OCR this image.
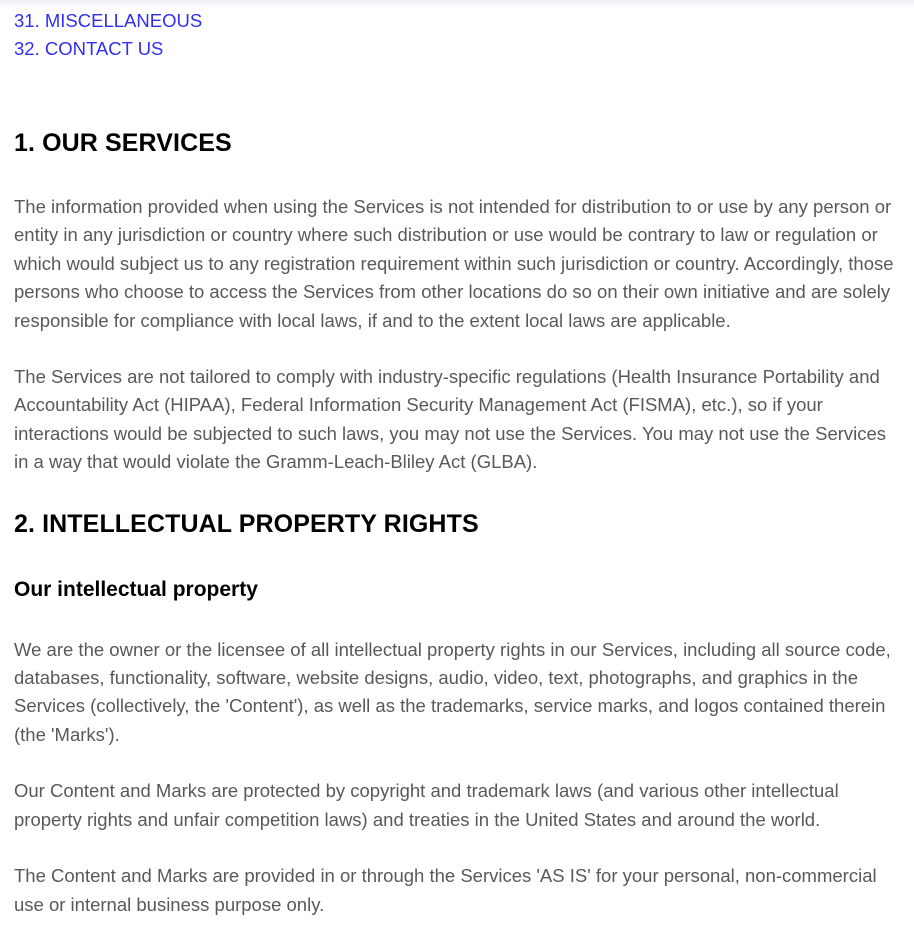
31. MISCELLANEOUS
32. CONTACT US
1. OUR SERVICES

The information provided when using the Services is not intended for distribution to or use by any person or entity in any jurisdiction or country where such distribution or use would be contrary to law or regulation or which would subject us to any registration requirement within such jurisdiction or country. Accordingly, those persons who choose to access the Services from other locations do so on their own initiative and are solely responsible for compliance with local laws, if and to the extent local laws are applicable.

The Services are not tailored to comply with industry-specific regulations (Health Insurance Portability and Accountability Act (HIPAA), Federal Information Security Management Act (FISMA), etc.), so if your interactions would be subjected to such laws, you may not use the Services. You may not use the Services in a way that would violate the Gramm-Leach-Bliley Act (GLBA).

2. INTELLECTUAL PROPERTY RIGHTS
Our intellectual property

We are the owner or the licensee of all intellectual property rights in our Services, including all source code, databases, functionality, software, website designs, audio, video, text, photographs, and graphics in the Services (collectively, the 'Content'), as well as the trademarks, service marks, and logos contained therein (the 'Marks').

Our Content and Marks are protected by copyright and trademark laws (and various other intellectual property rights and unfair competition laws) and treaties in the United States and around the world.

The Content and Marks are provided in or through the Services 'AS IS' for your personal, non-commercial use or internal business purpose only.
